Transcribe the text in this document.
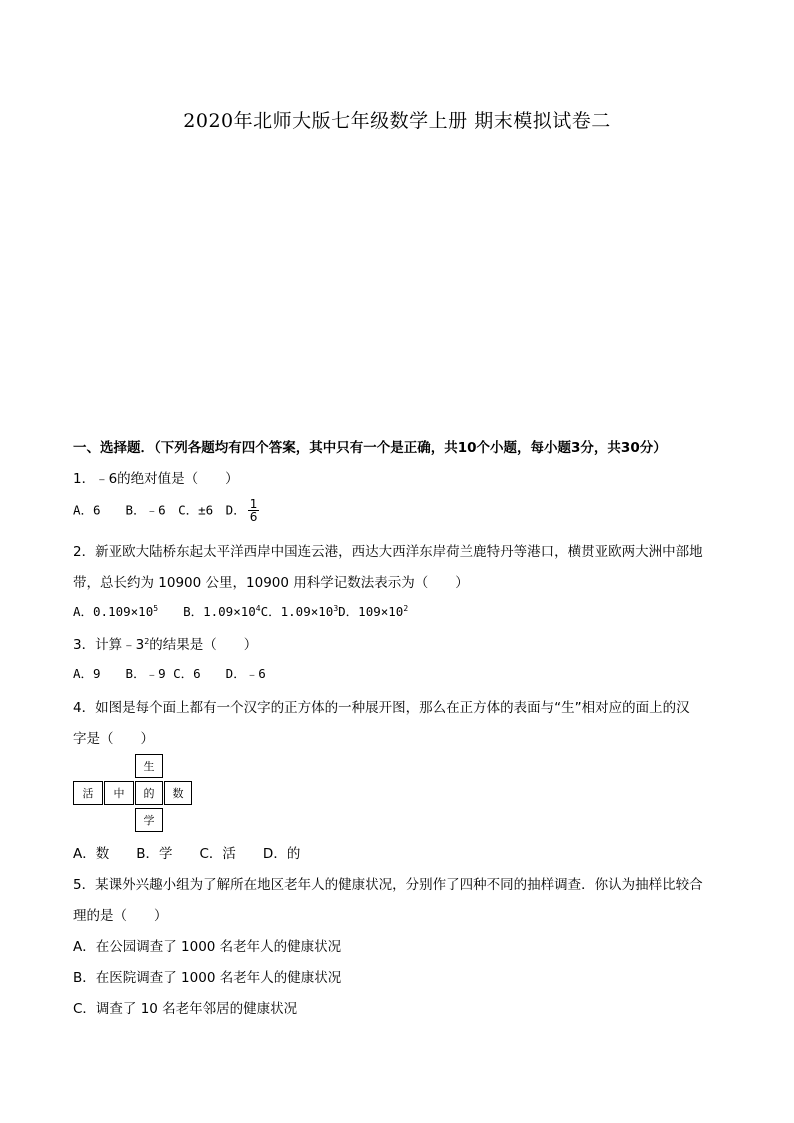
2020年北师大版七年级数学上册 期末模拟试卷二
一、选择题．（下列各题均有四个答案，其中只有一个是正确，共10个小题，每小题3分，共30分）
1．﹣6的绝对值是（　　）
A．6　　B．﹣6　C．±6　D． $\frac{1}{6}$
2．新亚欧大陆桥东起太平洋西岸中国连云港，西达大西洋东岸荷兰鹿特丹等港口，横贯亚欧两大洲中部地
带，总长约为 10900 公里，10900 用科学记数法表示为（　　）
A．$0.109\times 10^5$　　B．$1.09\times 10^4C$．$1.09\times 10^3D$．$109\times 10^2$
3．计算$﹣3^2$的结果是（　　）
A．9　　B．﹣9 C．6　　D．﹣6
4．如图是每个面上都有一个汉字的正方体的一种展开图，那么在正方体的表面与“生”相对应的面上的汉
字是（　　）
生
活	中	的	数
学
A．数　　B．学　　C．活　　D．的
5．某课外兴趣小组为了解所在地区老年人的健康状况，分别作了四种不同的抽样调查．你认为抽样比较合
理的是（　　）
A．在公园调查了 1000 名老年人的健康状况
B．在医院调查了 1000 名老年人的健康状况
C．调查了 10 名老年邻居的健康状况
